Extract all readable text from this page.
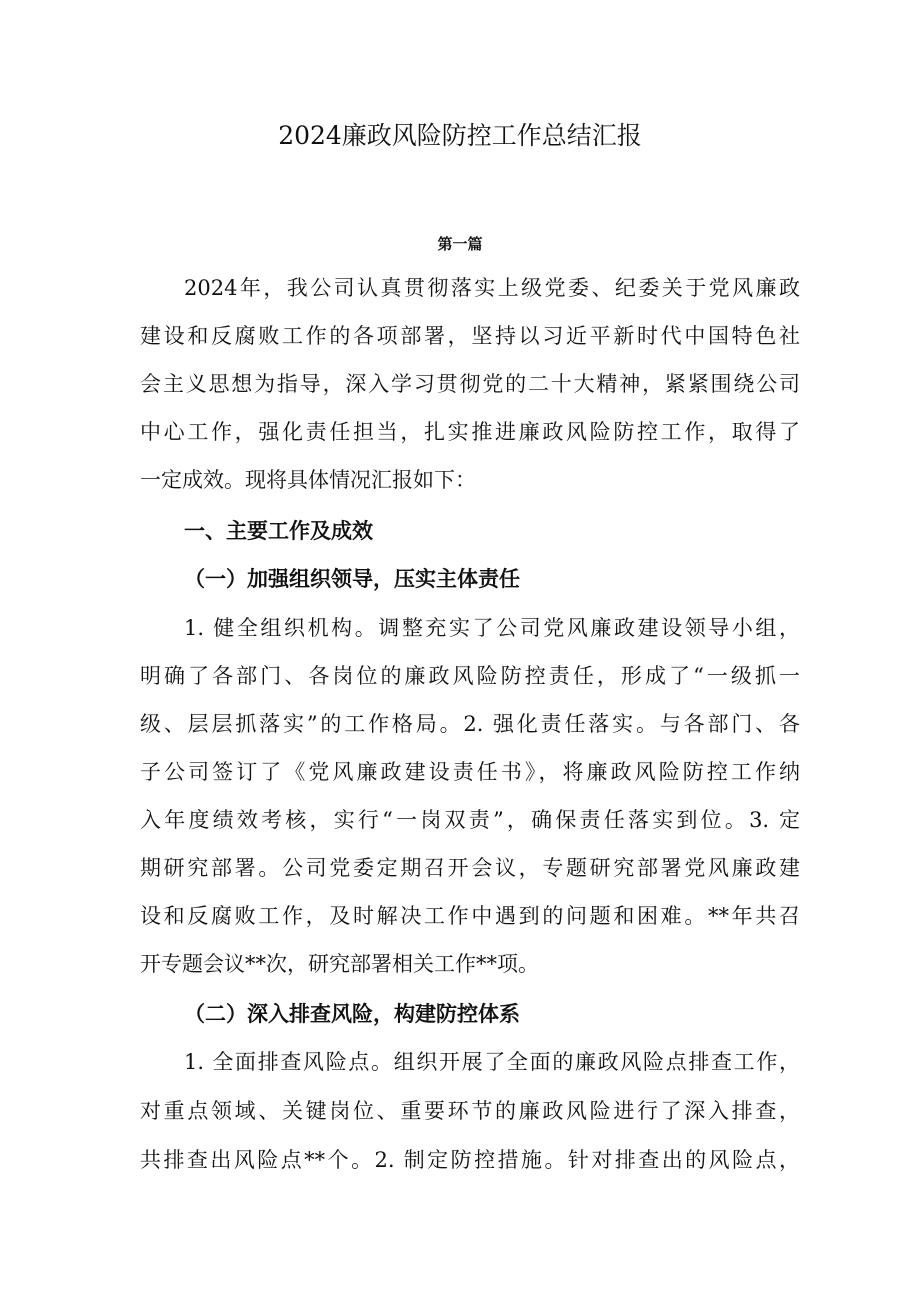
2024廉政风险防控工作总结汇报
第一篇
2024年，我公司认真贯彻落实上级党委、纪委关于党风廉政
建设和反腐败工作的各项部署，坚持以习近平新时代中国特色社
会主义思想为指导，深入学习贯彻党的二十大精神，紧紧围绕公司
中心工作，强化责任担当，扎实推进廉政风险防控工作，取得了
一定成效。现将具体情况汇报如下：
一、主要工作及成效
（一）加强组织领导，压实主体责任
1. 健全组织机构。调整充实了公司党风廉政建设领导小组，
明确了各部门、各岗位的廉政风险防控责任，形成了“一级抓一
级、层层抓落实”的工作格局。2. 强化责任落实。与各部门、各
子公司签订了《党风廉政建设责任书》，将廉政风险防控工作纳
入年度绩效考核，实行“一岗双责”，确保责任落实到位。3. 定
期研究部署。公司党委定期召开会议，专题研究部署党风廉政建
设和反腐败工作，及时解决工作中遇到的问题和困难。**年共召
开专题会议**次，研究部署相关工作**项。
（二）深入排查风险，构建防控体系
1. 全面排查风险点。组织开展了全面的廉政风险点排查工作，
对重点领域、关键岗位、重要环节的廉政风险进行了深入排查，
共排查出风险点**个。2. 制定防控措施。针对排查出的风险点，
